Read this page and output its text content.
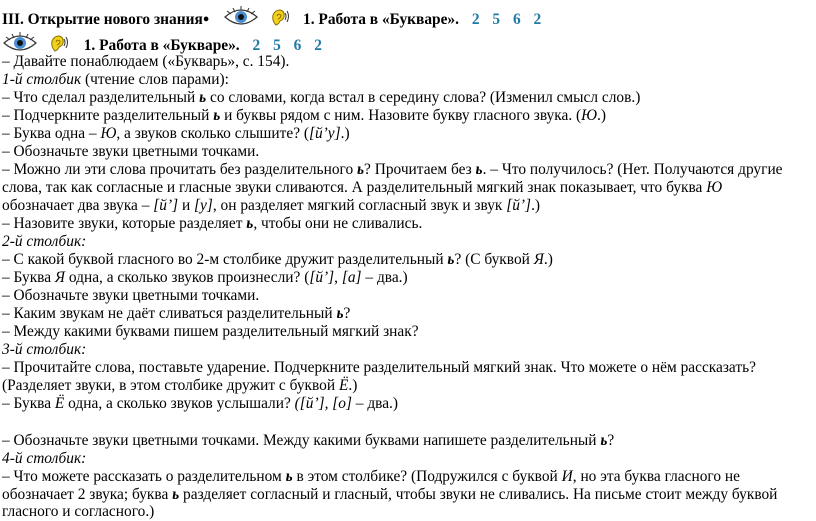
III. Открытие нового знания●	1. Работа в «Букваре». 2 5 6 2
1. Работа в «Букваре». 2 5 6 2
– Давайте понаблюдаем («Букварь», с. 154).
1-й столбик (чтение слов парами):
– Что сделал разделительный ь со словами, когда встал в середину слова? (Изменил смысл слов.)
– Подчеркните разделительный ь и буквы рядом с ним. Назовите букву гласного звука. (Ю.)
– Буква одна – Ю, а звуков сколько слышите? ([й’у].)
– Обозначьте звуки цветными точками.
– Можно ли эти слова прочитать без разделительного ь? Прочитаем без ь. – Что получилось? (Нет. Получаются другие
слова, так как согласные и гласные звуки сливаются. А разделительный мягкий знак показывает, что буква Ю
обозначает два звука – [й’] и [у], он разделяет мягкий согласный звук и звук [й’].)
– Назовите звуки, которые разделяет ь, чтобы они не сливались.
2-й столбик:
– С какой буквой гласного во 2-м столбике дружит разделительный ь? (С буквой Я.)
– Буква Я одна, а сколько звуков произнесли? ([й’], [а] – два.)
– Обозначьте звуки цветными точками.
– Каким звукам не даёт сливаться разделительный ь?
– Между какими буквами пишем разделительный мягкий знак?
3-й столбик:
– Прочитайте слова, поставьте ударение. Подчеркните разделительный мягкий знак. Что можете о нём рассказать?
(Разделяет звуки, в этом столбике дружит с буквой Ё.)
– Буква Ё одна, а сколько звуков услышали? ([й’], [о] – два.)
– Обозначьте звуки цветными точками. Между какими буквами напишете разделительный ь?
4-й столбик:
– Что можете рассказать о разделительном ь в этом столбике? (Подружился с буквой И, но эта буква гласного не
обозначает 2 звука; буква ь разделяет согласный и гласный, чтобы звуки не сливались. На письме стоит между буквой
гласного и согласного.)
